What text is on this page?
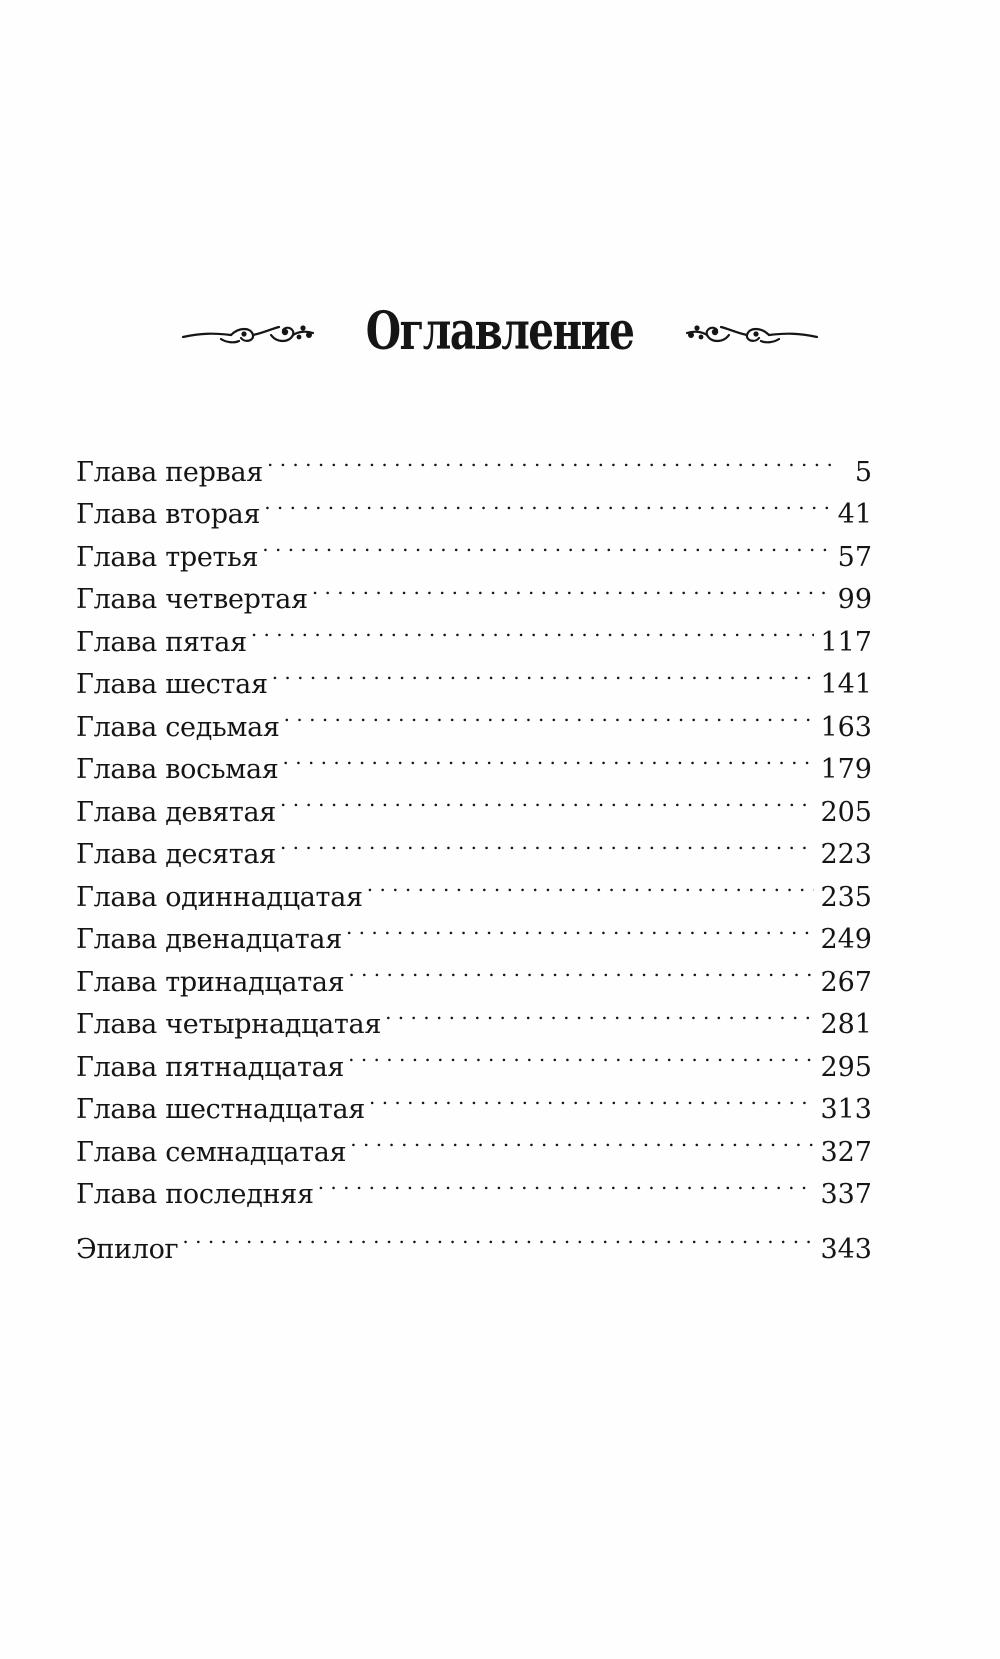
Оглавление
Глава первая . . .	5
Глава вторая . . .	41
Глава третья . . .	57
Глава четвертая . . .	99
Глава пятая . . .	117
Глава шестая . . .	141
Глава седьмая . . .	163
Глава восьмая . . .	179
Глава девятая . . .	205
Глава десятая . . .	223
Глава одиннадцатая . . .	235
Глава двенадцатая . . .	249
Глава тринадцатая . . .	267
Глава четырнадцатая . . .	281
Глава пятнадцатая . . .	295
Глава шестнадцатая . . .	313
Глава семнадцатая . . .	327
Глава последняя . . .	337
Эпилог . . .	343
